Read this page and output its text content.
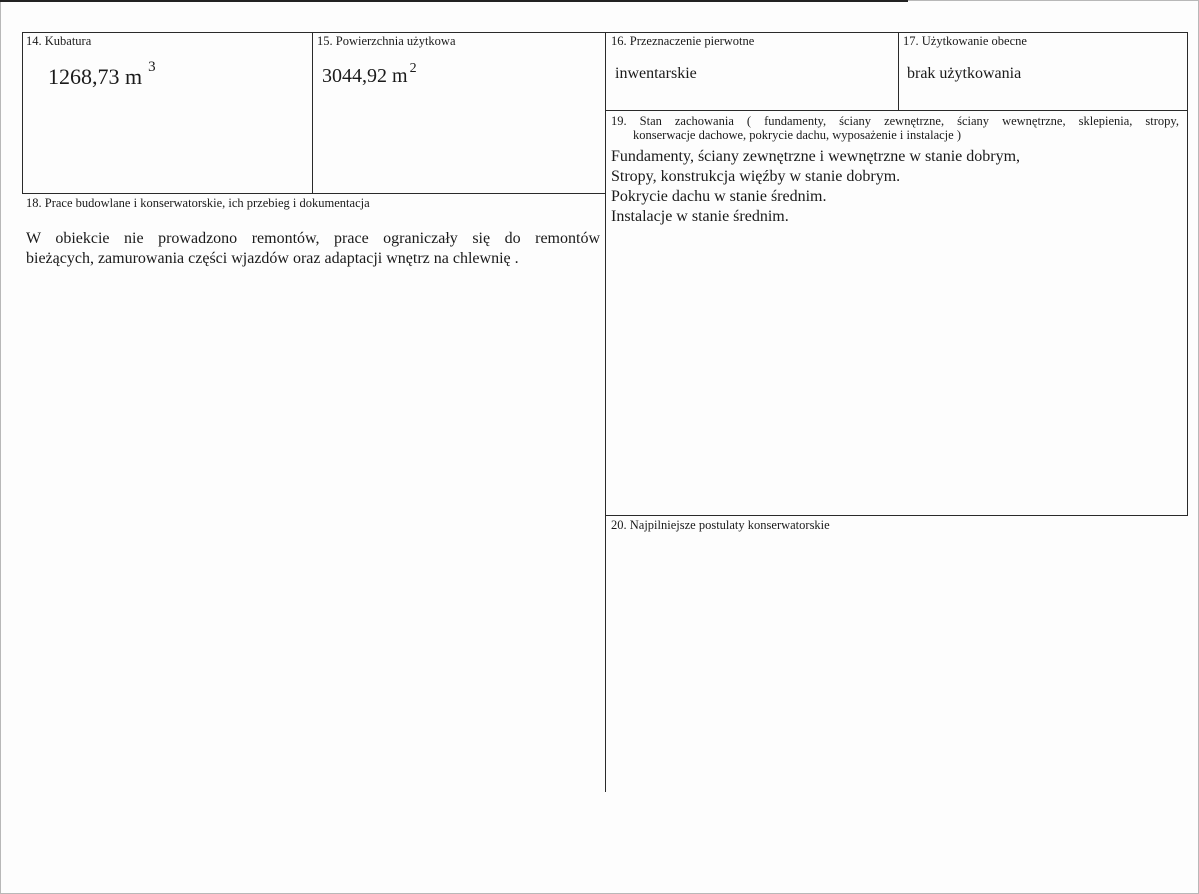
14. Kubatura
1268,73 m $^3$
15. Powierzchnia użytkowa
3044,92 m $^2$
16. Przeznaczenie pierwotne
inwentarskie
17. Użytkowanie obecne
brak użytkowania
18. Prace budowlane i konserwatorskie, ich przebieg i dokumentacja
W obiekcie nie prowadzono remontów, prace ograniczały się do remontów
bieżących, zamurowania części wjazdów oraz adaptacji wnętrz na chlewnię .
19. Stan zachowania ( fundamenty, ściany zewnętrzne, ściany wewnętrzne, sklepienia, stropy,
konserwacje dachowe, pokrycie dachu, wyposażenie i instalacje )
Fundamenty, ściany zewnętrzne i wewnętrzne w stanie dobrym,
Stropy, konstrukcja więźby w stanie dobrym.
Pokrycie dachu w stanie średnim.
Instalacje w stanie średnim.
20. Najpilniejsze postulaty konserwatorskie
